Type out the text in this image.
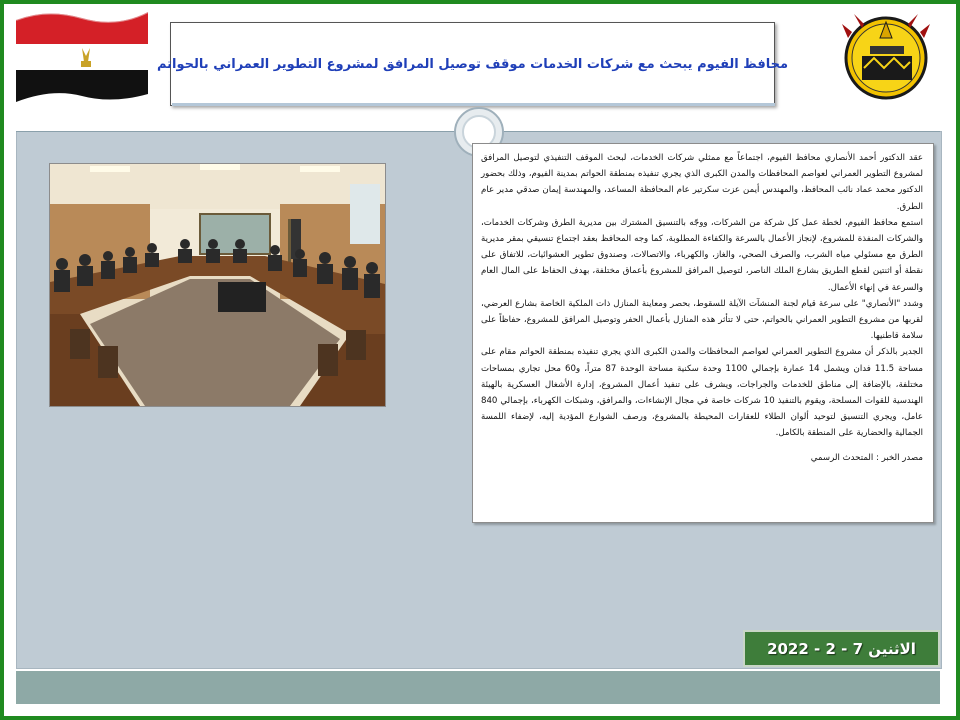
محافظ الفيوم يبحث مع شركات الخدمات موقف توصيل المرافق لمشروع التطوير العمراني بالحواتم

عقد الدكتور أحمد الأنصاري محافظ الفيوم، اجتماعاً مع ممثلي شركات الخدمات، لبحث الموقف التنفيذي لتوصيل المرافق لمشروع التطوير العمراني لعواصم المحافظات والمدن الكبرى الذي يجري تنفيذه بمنطقة الحواتم بمدينة الفيوم، وذلك بحضور الدكتور محمد عماد نائب المحافظ، والمهندس أيمن عزت سكرتير عام المحافظة المساعد، والمهندسة إيمان صدقي مدير عام الطرق.

استمع محافظ الفيوم، لخطة عمل كل شركة من الشركات، ووجّه بالتنسيق المشترك بين مديرية الطرق وشركات الخدمات، والشركات المنفذة للمشروع، لإنجاز الأعمال بالسرعة والكفاءة المطلوبة، كما وجه المحافظ بعقد اجتماع تنسيقي بمقر مديرية الطرق مع مسئولي مياه الشرب، والصرف الصحي، والغاز، والكهرباء، والاتصالات، وصندوق تطوير العشوائيات، للاتفاق على نقطة أو اثنتين لقطع الطريق بشارع الملك الناصر، لتوصيل المرافق للمشروع بأعماق مختلفة، بهدف الحفاظ على المال العام والسرعة في إنهاء الأعمال.

وشدد "الأنصاري" على سرعة قيام لجنة المنشآت الآيلة للسقوط، بحصر ومعاينة المنازل ذات الملكية الخاصة بشارع العرضي، لقربها من مشروع التطوير العمراني بالحواتم، حتى لا تتأثر هذه المنازل بأعمال الحفر وتوصيل المرافق للمشروع، حفاظاً على سلامة قاطنيها.

الجدير بالذكر أن مشروع التطوير العمراني لعواصم المحافظات والمدن الكبرى الذي يجري تنفيذه بمنطقة الحواتم مقام على مساحة 11.5 فدان ويشمل 14 عمارة بإجمالي 1100 وحدة سكنية مساحة الوحدة 87 متراً، و60 محل تجاري بمساحات مختلفة، بالإضافة إلى مناطق للخدمات والجراجات، ويشرف على تنفيذ أعمال المشروع، إدارة الأشغال العسكرية بالهيئة الهندسية للقوات المسلحة، ويقوم بالتنفيذ 10 شركات خاصة في مجال الإنشاءات، والمرافق، وشبكات الكهرباء، بإجمالي 840 عامل، ويجري التنسيق لتوحيد ألوان الطلاء للعقارات المحيطة بالمشروع، ورصف الشوارع المؤدية إليه، لإضفاء اللمسة الجمالية والحضارية على المنطقة بالكامل.

مصدر الخبر : المتحدث الرسمي

الاثنين 7 - 2 - 2022
